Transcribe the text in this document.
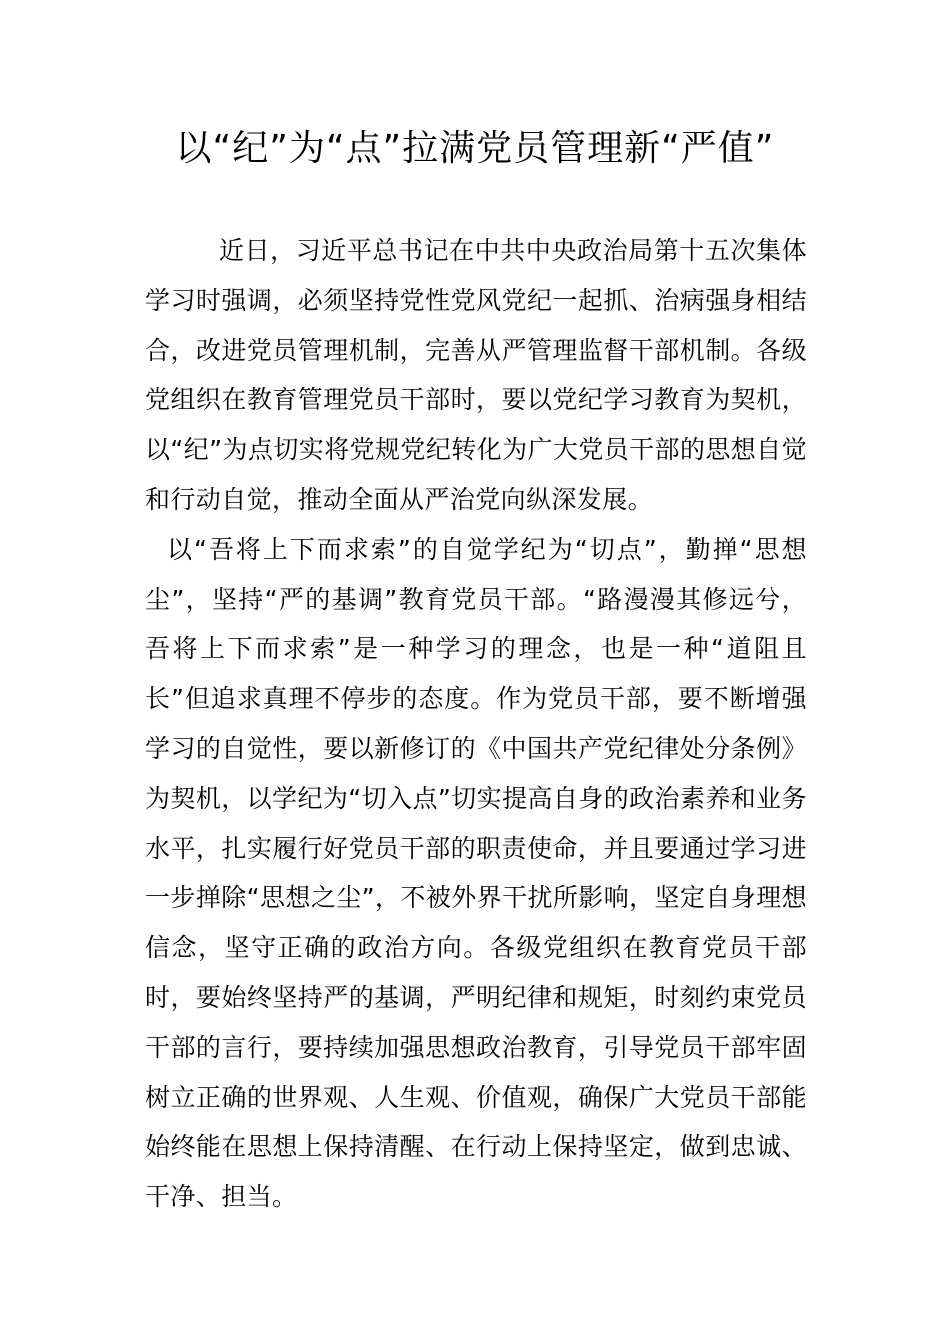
以“纪”为“点”拉满党员管理新“严值”

近日，习近平总书记在中共中央政治局第十五次集体学习时强调，必须坚持党性党风党纪一起抓、治病强身相结合，改进党员管理机制，完善从严管理监督干部机制。各级党组织在教育管理党员干部时，要以党纪学习教育为契机，以“纪”为点切实将党规党纪转化为广大党员干部的思想自觉和行动自觉，推动全面从严治党向纵深发展。

以“吾将上下而求索”的自觉学纪为“切点”，勤掸“思想尘”，坚持“严的基调”教育党员干部。“路漫漫其修远兮，吾将上下而求索”是一种学习的理念，也是一种“道阻且长”但追求真理不停步的态度。作为党员干部，要不断增强学习的自觉性，要以新修订的《中国共产党纪律处分条例》为契机，以学纪为“切入点”切实提高自身的政治素养和业务水平，扎实履行好党员干部的职责使命，并且要通过学习进一步掸除“思想之尘”，不被外界干扰所影响，坚定自身理想信念，坚守正确的政治方向。各级党组织在教育党员干部时，要始终坚持严的基调，严明纪律和规矩，时刻约束党员干部的言行，要持续加强思想政治教育，引导党员干部牢固树立正确的世界观、人生观、价值观，确保广大党员干部能始终能在思想上保持清醒、在行动上保持坚定，做到忠诚、干净、担当。
